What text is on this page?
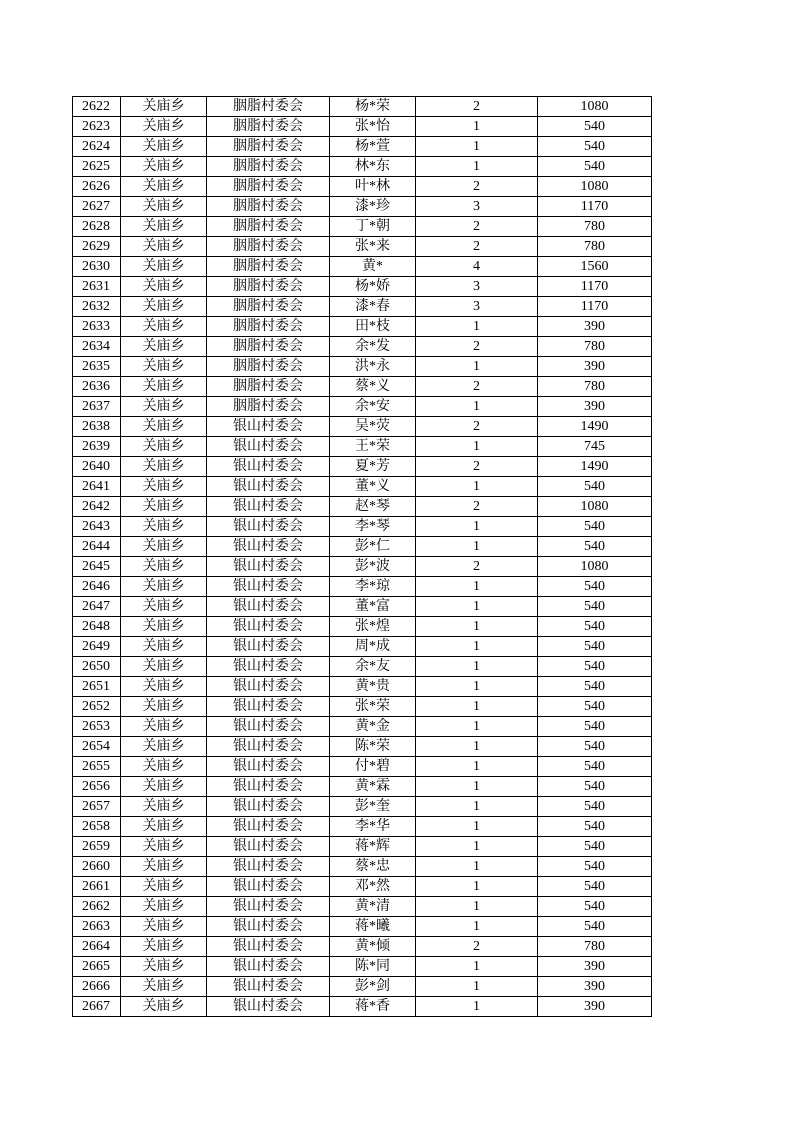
2622	关庙乡	胭脂村委会	杨*荣	2	1080
2623	关庙乡	胭脂村委会	张*怡	1	540
2624	关庙乡	胭脂村委会	杨*萱	1	540
2625	关庙乡	胭脂村委会	林*东	1	540
2626	关庙乡	胭脂村委会	叶*林	2	1080
2627	关庙乡	胭脂村委会	漆*珍	3	1170
2628	关庙乡	胭脂村委会	丁*朝	2	780
2629	关庙乡	胭脂村委会	张*来	2	780
2630	关庙乡	胭脂村委会	黄*	4	1560
2631	关庙乡	胭脂村委会	杨*娇	3	1170
2632	关庙乡	胭脂村委会	漆*春	3	1170
2633	关庙乡	胭脂村委会	田*枝	1	390
2634	关庙乡	胭脂村委会	余*发	2	780
2635	关庙乡	胭脂村委会	洪*永	1	390
2636	关庙乡	胭脂村委会	蔡*义	2	780
2637	关庙乡	胭脂村委会	余*安	1	390
2638	关庙乡	银山村委会	吴*荧	2	1490
2639	关庙乡	银山村委会	王*荣	1	745
2640	关庙乡	银山村委会	夏*芳	2	1490
2641	关庙乡	银山村委会	董*义	1	540
2642	关庙乡	银山村委会	赵*琴	2	1080
2643	关庙乡	银山村委会	李*琴	1	540
2644	关庙乡	银山村委会	彭*仁	1	540
2645	关庙乡	银山村委会	彭*波	2	1080
2646	关庙乡	银山村委会	李*琼	1	540
2647	关庙乡	银山村委会	董*富	1	540
2648	关庙乡	银山村委会	张*煌	1	540
2649	关庙乡	银山村委会	周*成	1	540
2650	关庙乡	银山村委会	余*友	1	540
2651	关庙乡	银山村委会	黄*贵	1	540
2652	关庙乡	银山村委会	张*荣	1	540
2653	关庙乡	银山村委会	黄*金	1	540
2654	关庙乡	银山村委会	陈*荣	1	540
2655	关庙乡	银山村委会	付*碧	1	540
2656	关庙乡	银山村委会	黄*霖	1	540
2657	关庙乡	银山村委会	彭*奎	1	540
2658	关庙乡	银山村委会	李*华	1	540
2659	关庙乡	银山村委会	蒋*辉	1	540
2660	关庙乡	银山村委会	蔡*忠	1	540
2661	关庙乡	银山村委会	邓*然	1	540
2662	关庙乡	银山村委会	黄*清	1	540
2663	关庙乡	银山村委会	蒋*曦	1	540
2664	关庙乡	银山村委会	黄*倾	2	780
2665	关庙乡	银山村委会	陈*同	1	390
2666	关庙乡	银山村委会	彭*剑	1	390
2667	关庙乡	银山村委会	蒋*香	1	390
